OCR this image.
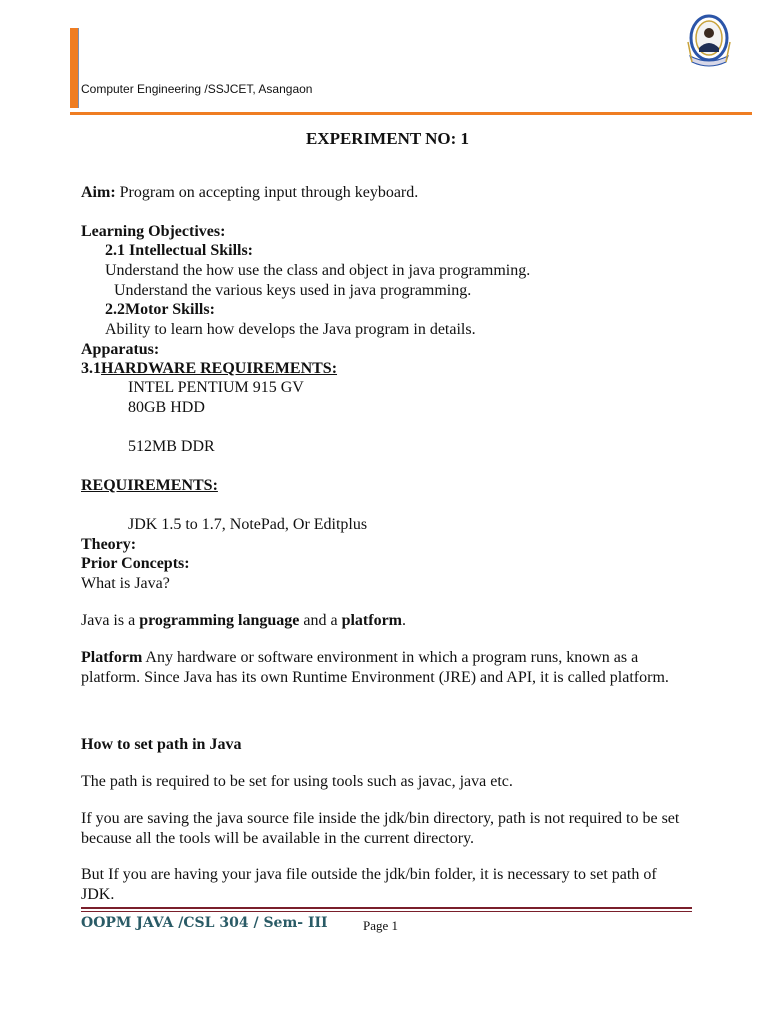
Computer Engineering /SSJCET, Asangaon
EXPERIMENT NO: 1
Aim: Program on accepting input through keyboard.
Learning Objectives:
2.1 Intellectual Skills:
Understand the how use the class and object in java programming.
Understand the various keys used in java programming.
2.2Motor Skills:
Ability to learn how develops the Java program in details.
Apparatus:
3.1HARDWARE REQUIREMENTS:
INTEL PENTIUM 915 GV
80GB HDD
512MB DDR
REQUIREMENTS:
JDK 1.5 to 1.7, NotePad, Or Editplus
Theory:
Prior Concepts:
What is Java?
Java is a programming language and a platform.
Platform Any hardware or software environment in which a program runs, known as a platform. Since Java has its own Runtime Environment (JRE) and API, it is called platform.
How to set path in Java
The path is required to be set for using tools such as javac, java etc.
If you are saving the java source file inside the jdk/bin directory, path is not required to be set because all the tools will be available in the current directory.
But If you are having your java file outside the jdk/bin folder, it is necessary to set path of JDK.
OOPM JAVA /CSL 304 / Sem- III	Page 1
